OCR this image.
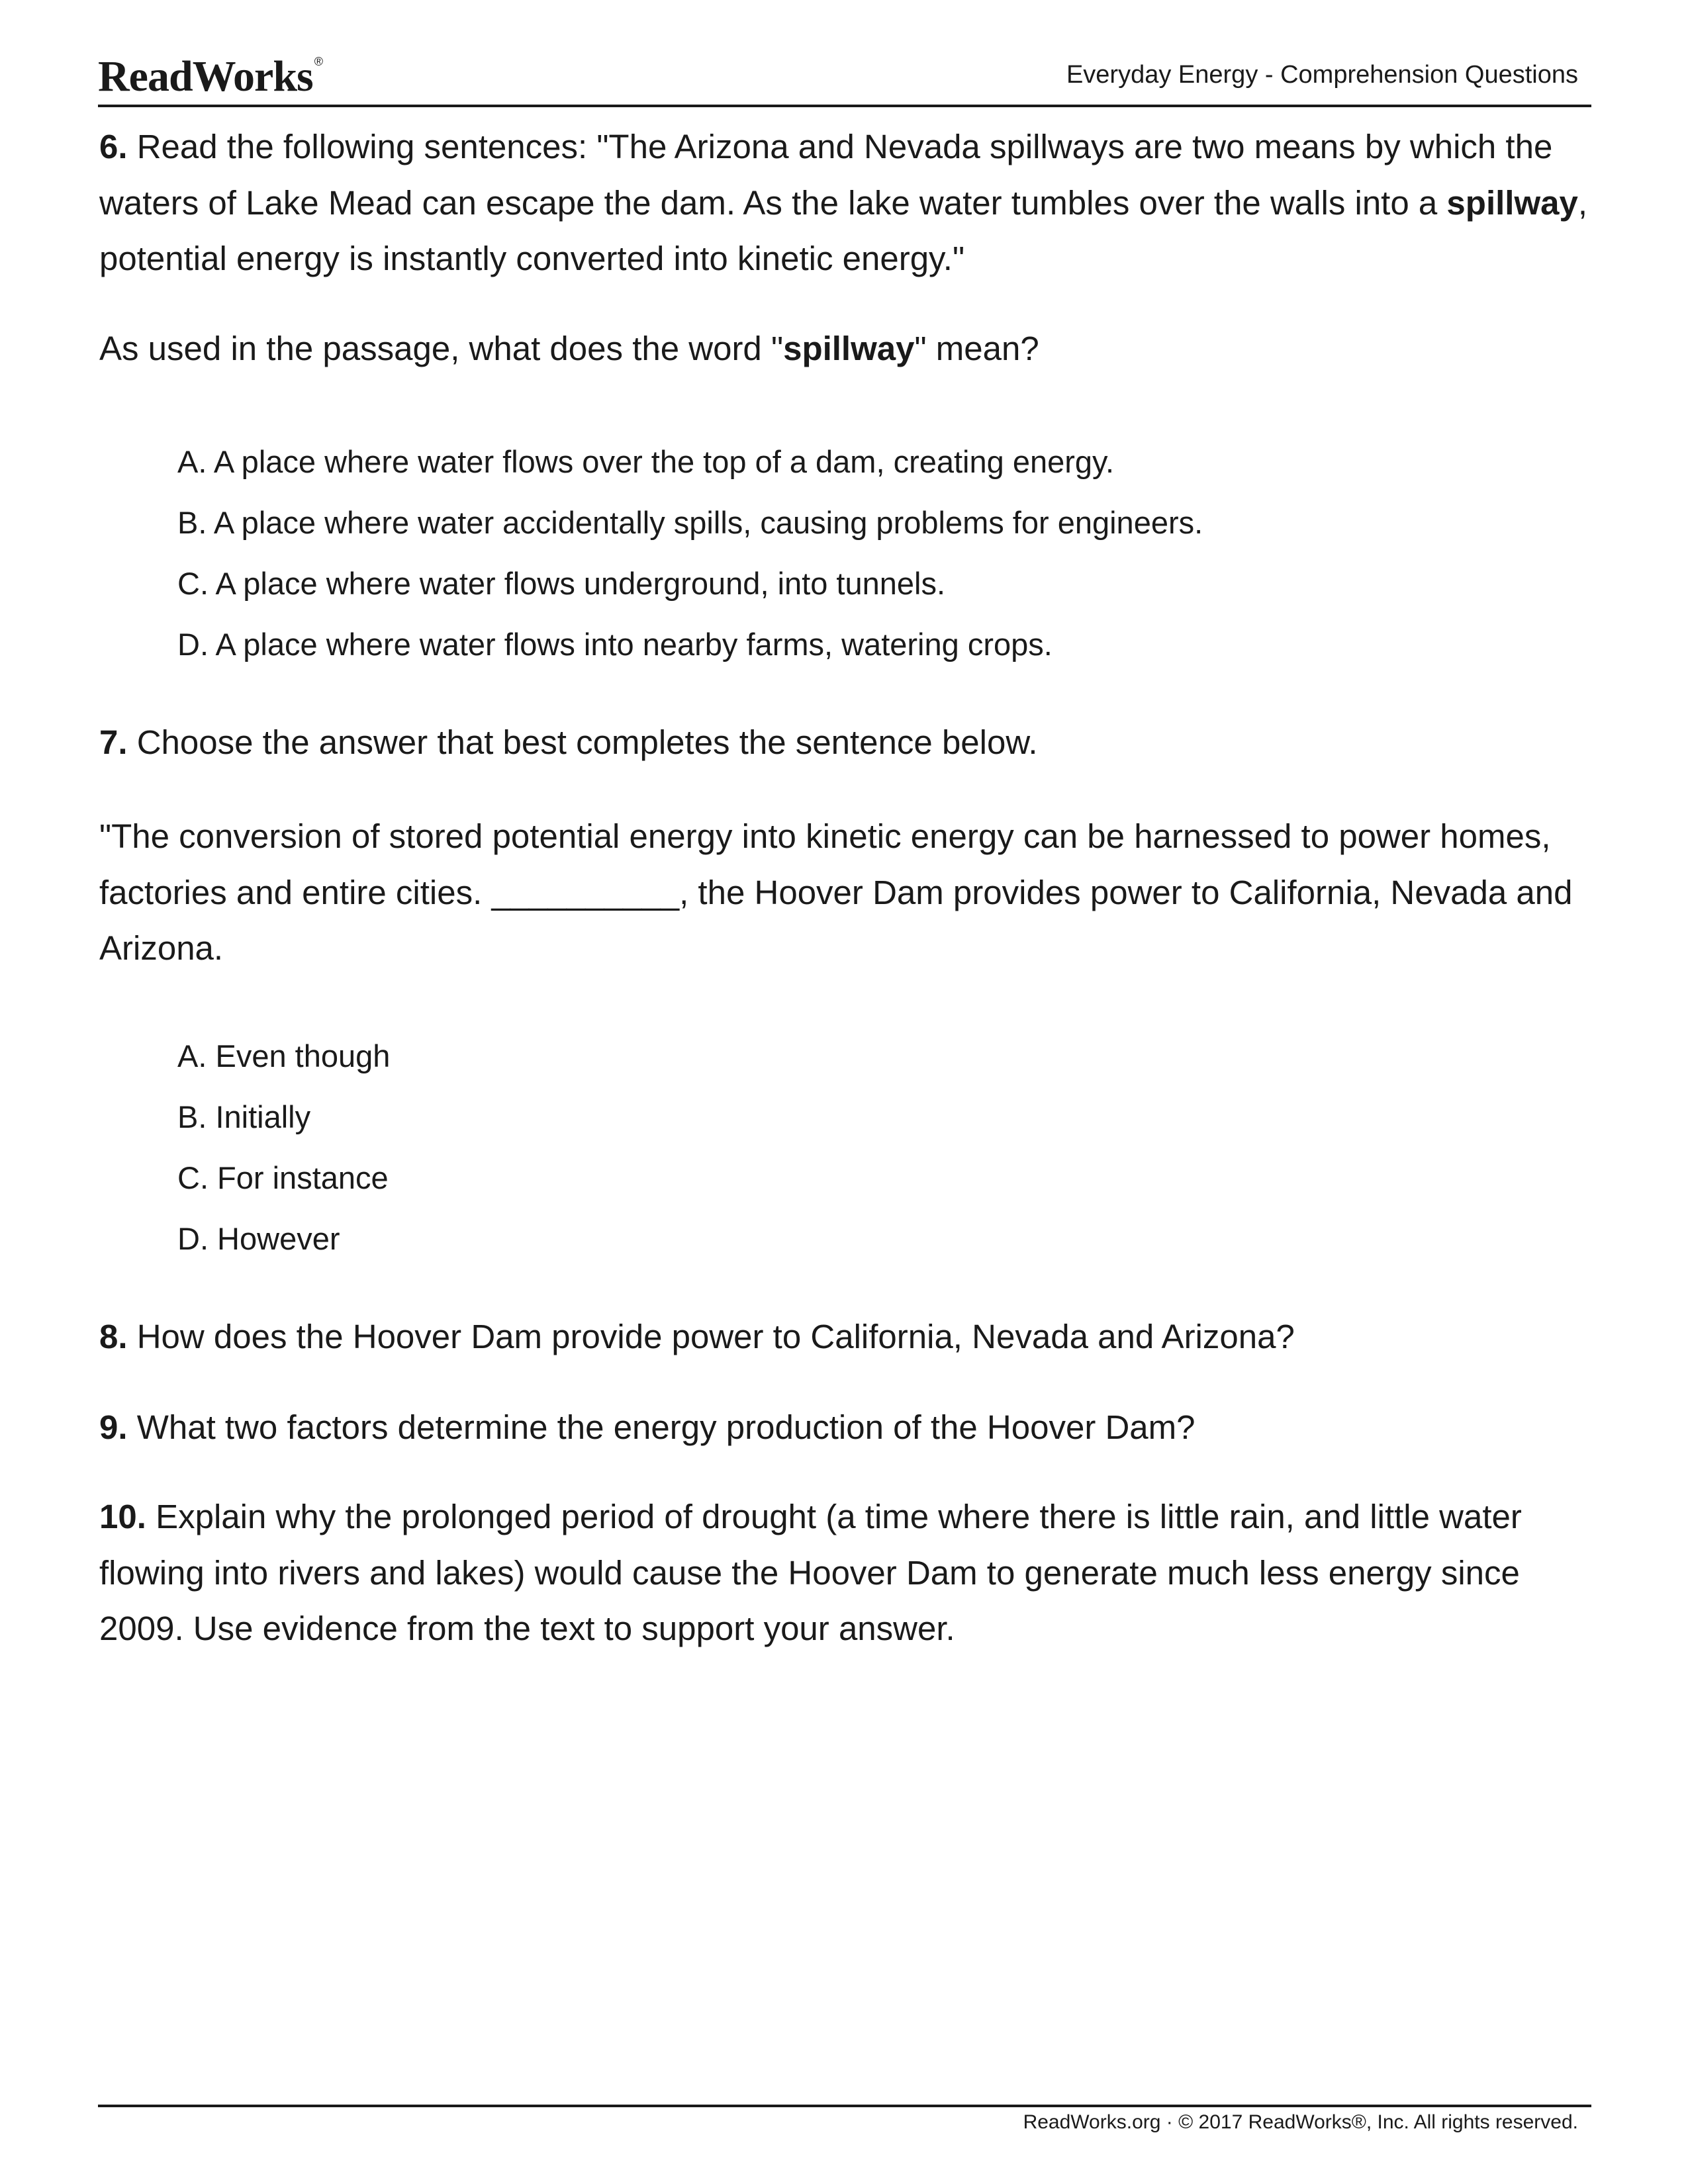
ReadWorks ®	Everyday Energy - Comprehension Questions
6. Read the following sentences: "The Arizona and Nevada spillways are two means by which the waters of Lake Mead can escape the dam. As the lake water tumbles over the walls into a spillway, potential energy is instantly converted into kinetic energy."
As used in the passage, what does the word "spillway" mean?
A. A place where water flows over the top of a dam, creating energy.
B. A place where water accidentally spills, causing problems for engineers.
C. A place where water flows underground, into tunnels.
D. A place where water flows into nearby farms, watering crops.
7. Choose the answer that best completes the sentence below.
"The conversion of stored potential energy into kinetic energy can be harnessed to power homes, factories and entire cities. __________, the Hoover Dam provides power to California, Nevada and Arizona.
A. Even though
B. Initially
C. For instance
D. However
8. How does the Hoover Dam provide power to California, Nevada and Arizona?
9. What two factors determine the energy production of the Hoover Dam?
10. Explain why the prolonged period of drought (a time where there is little rain, and little water flowing into rivers and lakes) would cause the Hoover Dam to generate much less energy since 2009. Use evidence from the text to support your answer.
ReadWorks.org · © 2017 ReadWorks®, Inc. All rights reserved.
